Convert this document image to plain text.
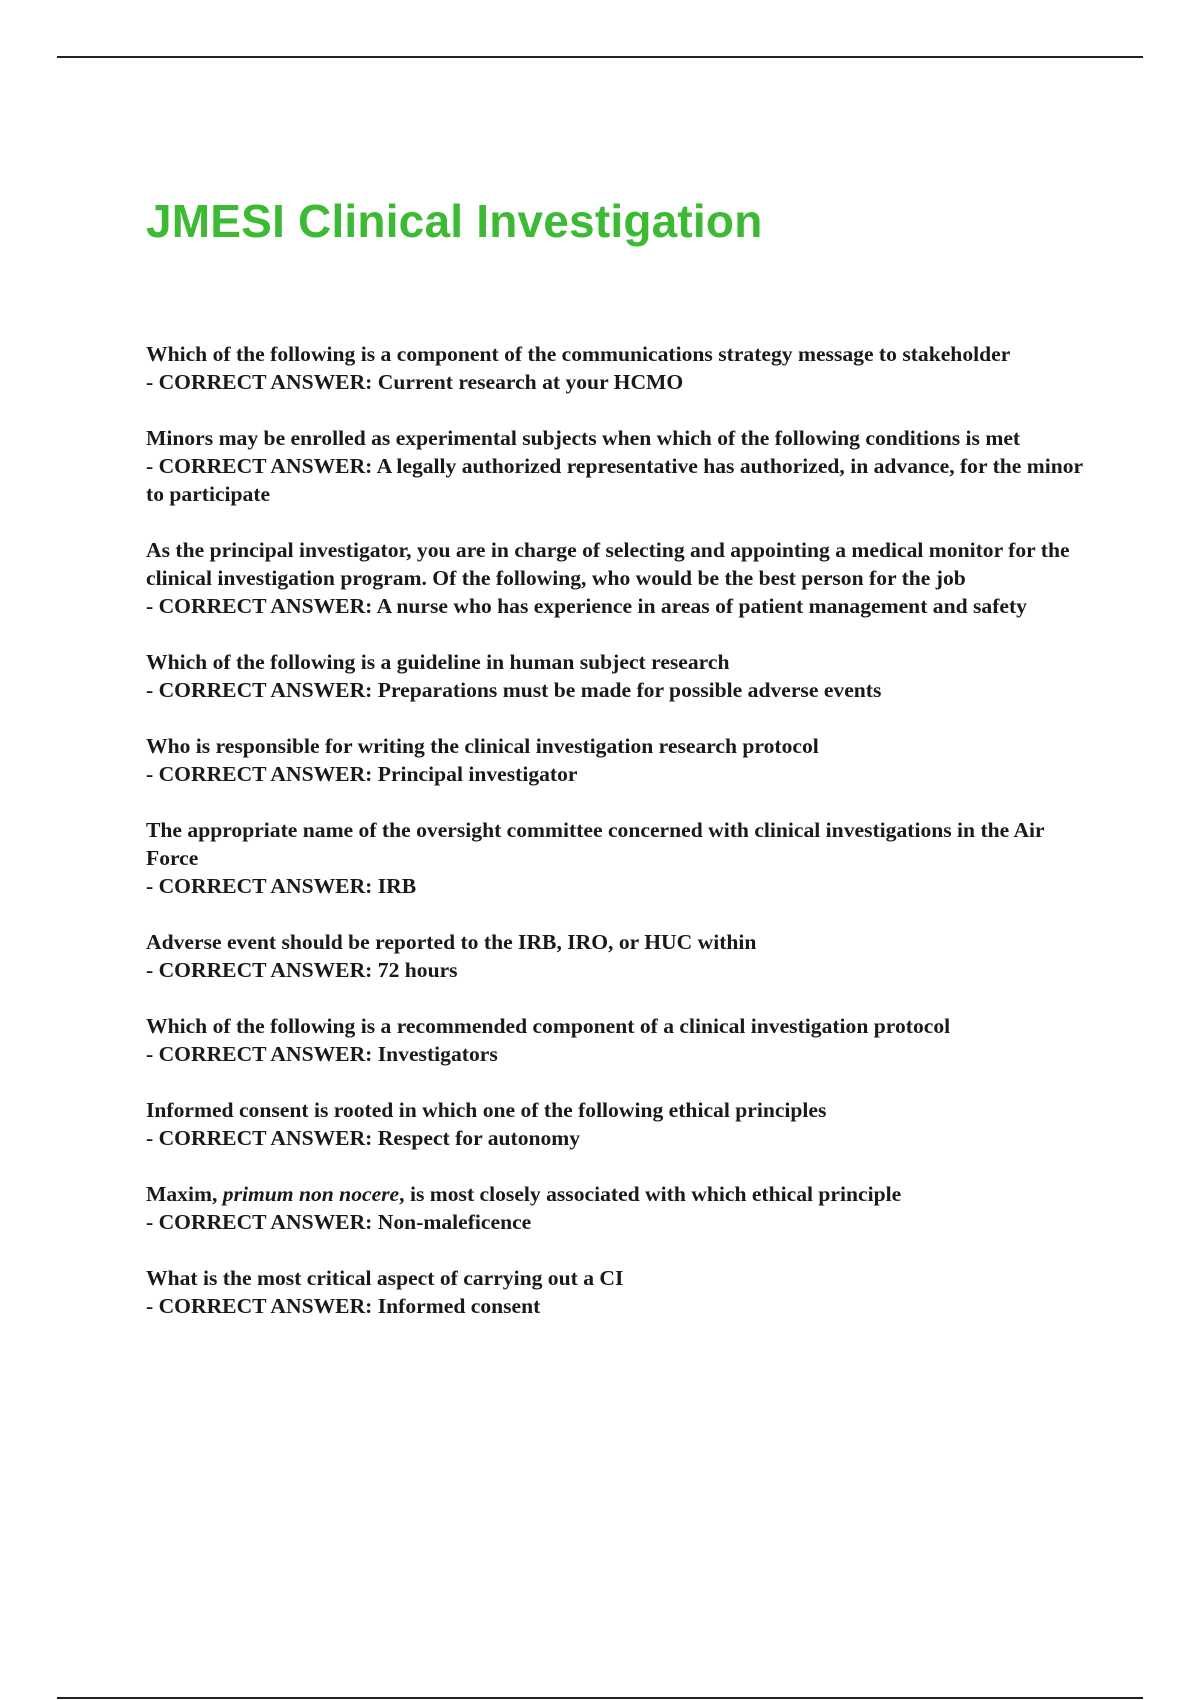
JMESI Clinical Investigation
Which of the following is a component of the communications strategy message to stakeholder
- CORRECT ANSWER: Current research at your HCMO
Minors may be enrolled as experimental subjects when which of the following conditions is met
- CORRECT ANSWER: A legally authorized representative has authorized, in advance, for the minor to participate
As the principal investigator, you are in charge of selecting and appointing a medical monitor for the clinical investigation program. Of the following, who would be the best person for the job
- CORRECT ANSWER: A nurse who has experience in areas of patient management and safety
Which of the following is a guideline in human subject research
- CORRECT ANSWER: Preparations must be made for possible adverse events
Who is responsible for writing the clinical investigation research protocol
- CORRECT ANSWER: Principal investigator
The appropriate name of the oversight committee concerned with clinical investigations in the Air Force
- CORRECT ANSWER: IRB
Adverse event should be reported to the IRB, IRO, or HUC within
- CORRECT ANSWER: 72 hours
Which of the following is a recommended component of a clinical investigation protocol
- CORRECT ANSWER: Investigators
Informed consent is rooted in which one of the following ethical principles
- CORRECT ANSWER: Respect for autonomy
Maxim, primum non nocere, is most closely associated with which ethical principle
- CORRECT ANSWER: Non-maleficence
What is the most critical aspect of carrying out a CI
- CORRECT ANSWER: Informed consent
